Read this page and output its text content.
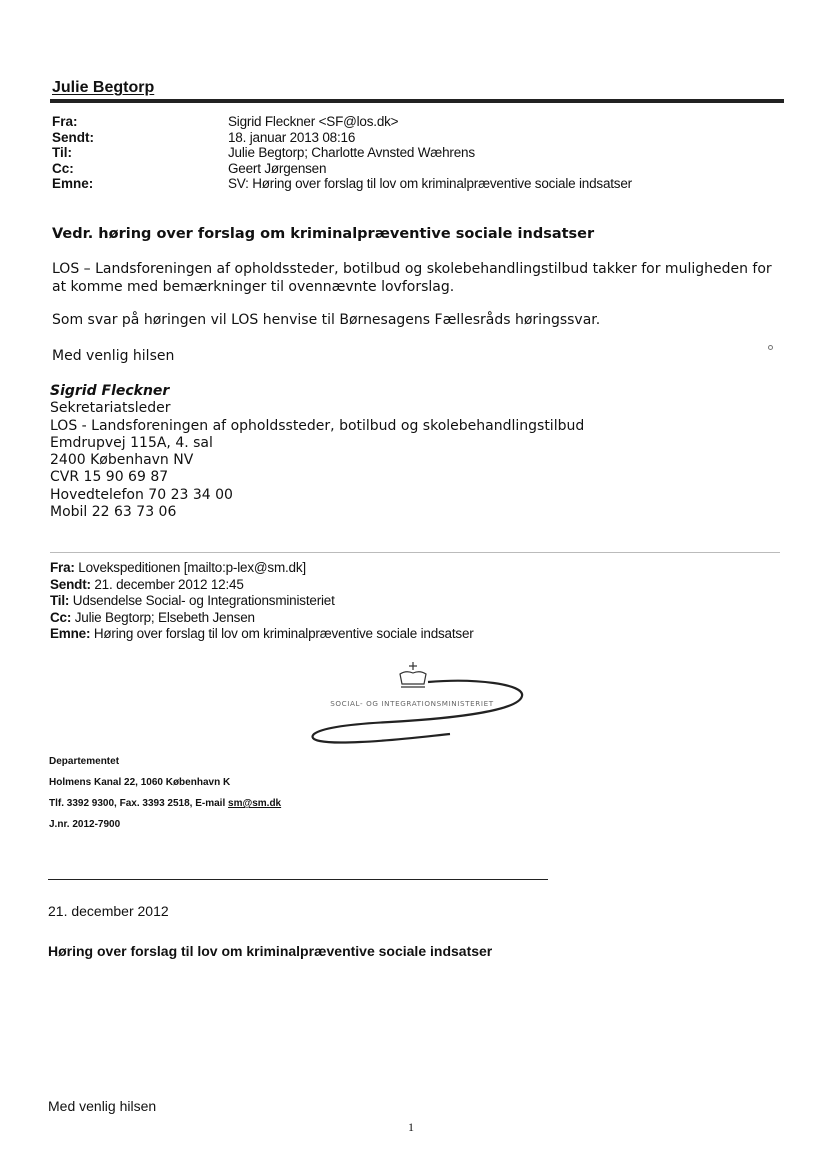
Julie Begtorp
Fra:	Sigrid Fleckner <SF@los.dk>
Sendt:	18. januar 2013 08:16
Til:	Julie Begtorp; Charlotte Avnsted Wæhrens
Cc:	Geert Jørgensen
Emne:	SV: Høring over forslag til lov om kriminalpræventive sociale indsatser
Vedr. høring over forslag om kriminalpræventive sociale indsatser
LOS – Landsforeningen af opholdssteder, botilbud og skolebehandlingstilbud takker for muligheden for at komme med bemærkninger til ovennævnte lovforslag.
Som svar på høringen vil LOS henvise til Børnesagens Fællesråds høringssvar.
Med venlig hilsen
Sigrid Fleckner
Sekretariatsleder
LOS - Landsforeningen af opholdssteder, botilbud og skolebehandlingstilbud
Emdrupvej 115A, 4. sal
2400 København NV
CVR 15 90 69 87
Hovedtelefon 70 23 34 00
Mobil 22 63 73 06
Fra: Lovekspeditionen [mailto:p-lex@sm.dk]
Sendt: 21. december 2012 12:45
Til: Udsendelse Social- og Integrationsministeriet
Cc: Julie Begtorp; Elsebeth Jensen
Emne: Høring over forslag til lov om kriminalpræventive sociale indsatser
SOCIAL- OG INTEGRATIONSMINISTERIET
Departementet
Holmens Kanal 22, 1060 København K
Tlf. 3392 9300, Fax. 3393 2518, E-mail sm@sm.dk
J.nr. 2012-7900
21. december 2012
Høring over forslag til lov om kriminalpræventive sociale indsatser
Med venlig hilsen
1
